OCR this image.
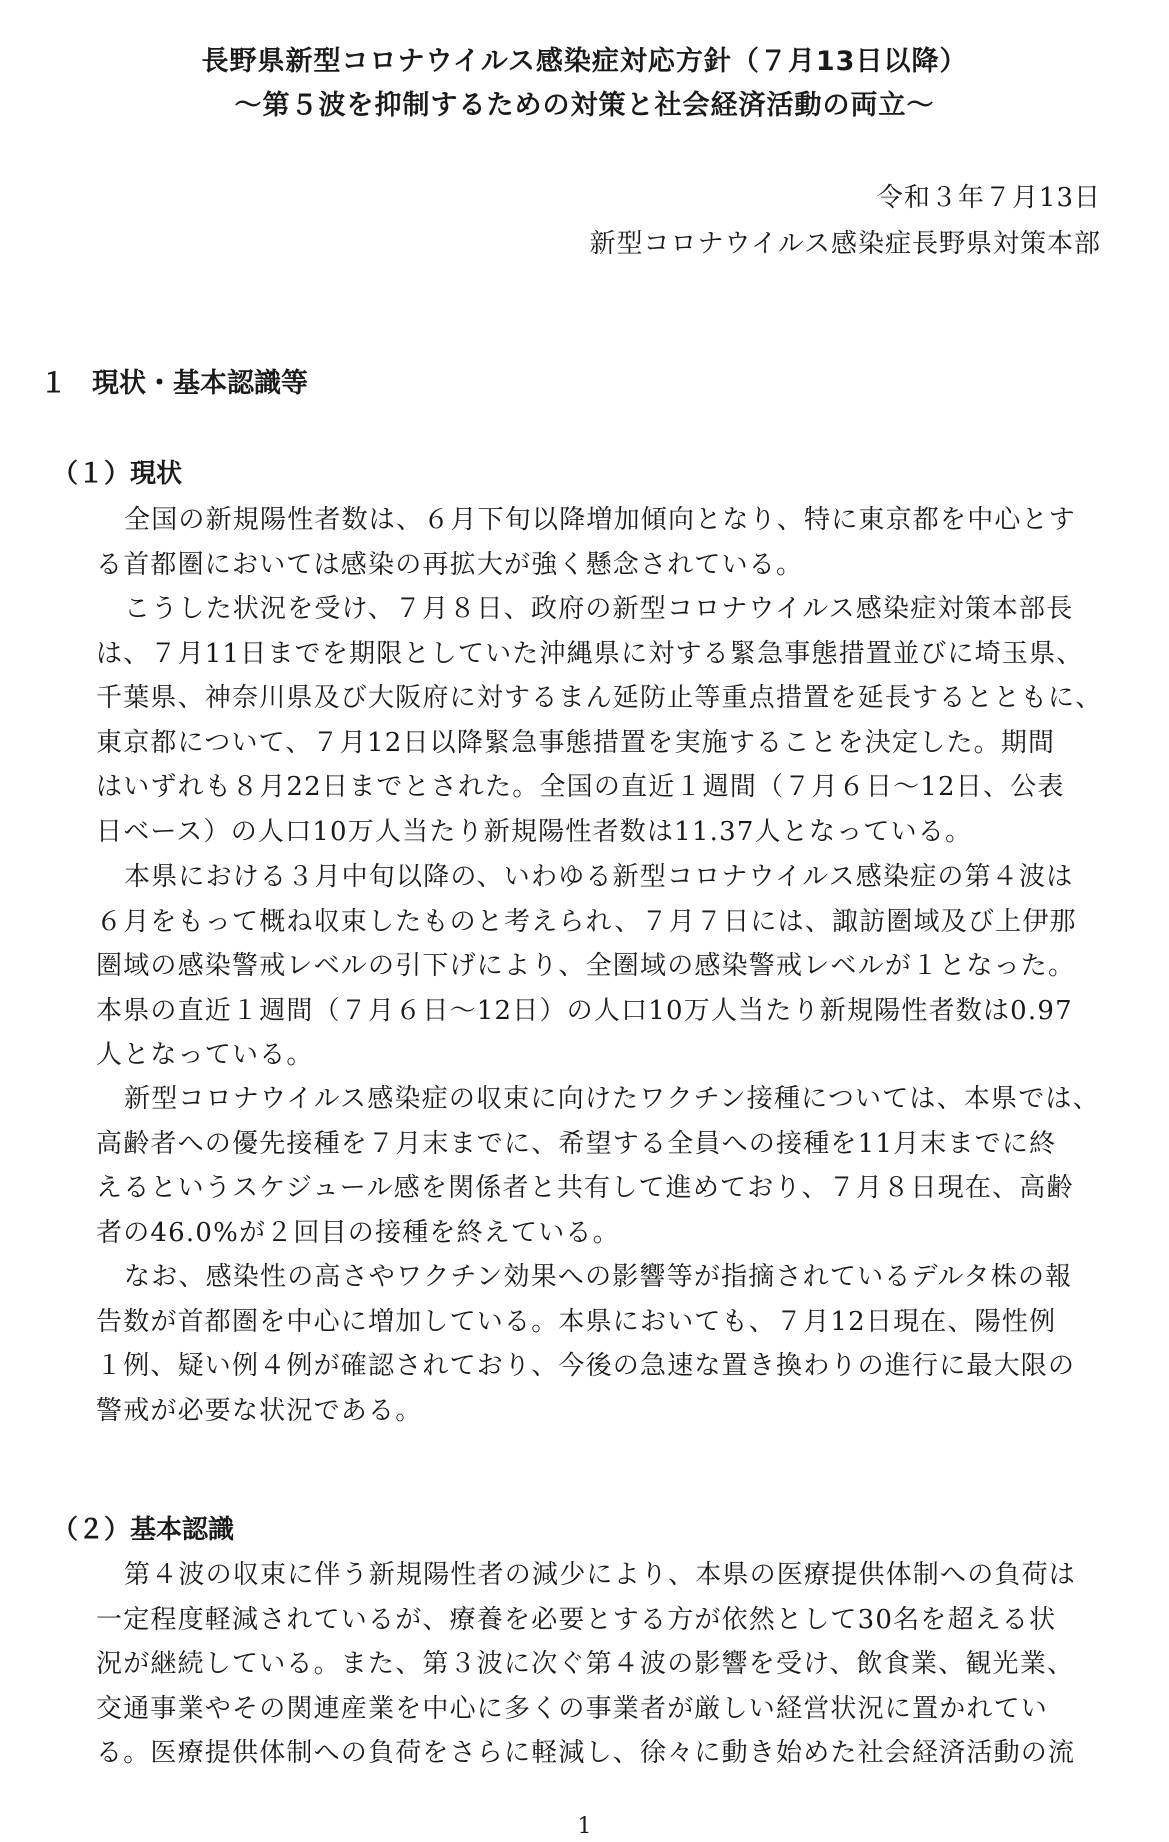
長野県新型コロナウイルス感染症対応方針（７月13日以降）
～第５波を抑制するための対策と社会経済活動の両立～
令和３年７月13日
新型コロナウイルス感染症長野県対策本部
１ 現状・基本認識等
（１）現状
全国の新規陽性者数は、６月下旬以降増加傾向となり、特に東京都を中心とす
る首都圏においては感染の再拡大が強く懸念されている。
こうした状況を受け、７月８日、政府の新型コロナウイルス感染症対策本部長
は、７月11日までを期限としていた沖縄県に対する緊急事態措置並びに埼玉県、
千葉県、神奈川県及び大阪府に対するまん延防止等重点措置を延長するとともに、
東京都について、７月12日以降緊急事態措置を実施することを決定した。期間
はいずれも８月22日までとされた。全国の直近１週間（７月６日～12日、公表
日ベース）の人口10万人当たり新規陽性者数は11.37人となっている。
本県における３月中旬以降の、いわゆる新型コロナウイルス感染症の第４波は
６月をもって概ね収束したものと考えられ、７月７日には、諏訪圏域及び上伊那
圏域の感染警戒レベルの引下げにより、全圏域の感染警戒レベルが１となった。
本県の直近１週間（７月６日～12日）の人口10万人当たり新規陽性者数は0.97
人となっている。
新型コロナウイルス感染症の収束に向けたワクチン接種については、本県では、
高齢者への優先接種を７月末までに、希望する全員への接種を11月末までに終
えるというスケジュール感を関係者と共有して進めており、７月８日現在、高齢
者の46.0%が２回目の接種を終えている。
なお、感染性の高さやワクチン効果への影響等が指摘されているデルタ株の報
告数が首都圏を中心に増加している。本県においても、７月12日現在、陽性例
１例、疑い例４例が確認されており、今後の急速な置き換わりの進行に最大限の
警戒が必要な状況である。
（２）基本認識
第４波の収束に伴う新規陽性者の減少により、本県の医療提供体制への負荷は
一定程度軽減されているが、療養を必要とする方が依然として30名を超える状
況が継続している。また、第３波に次ぐ第４波の影響を受け、飲食業、観光業、
交通事業やその関連産業を中心に多くの事業者が厳しい経営状況に置かれてい
る。医療提供体制への負荷をさらに軽減し、徐々に動き始めた社会経済活動の流
1
